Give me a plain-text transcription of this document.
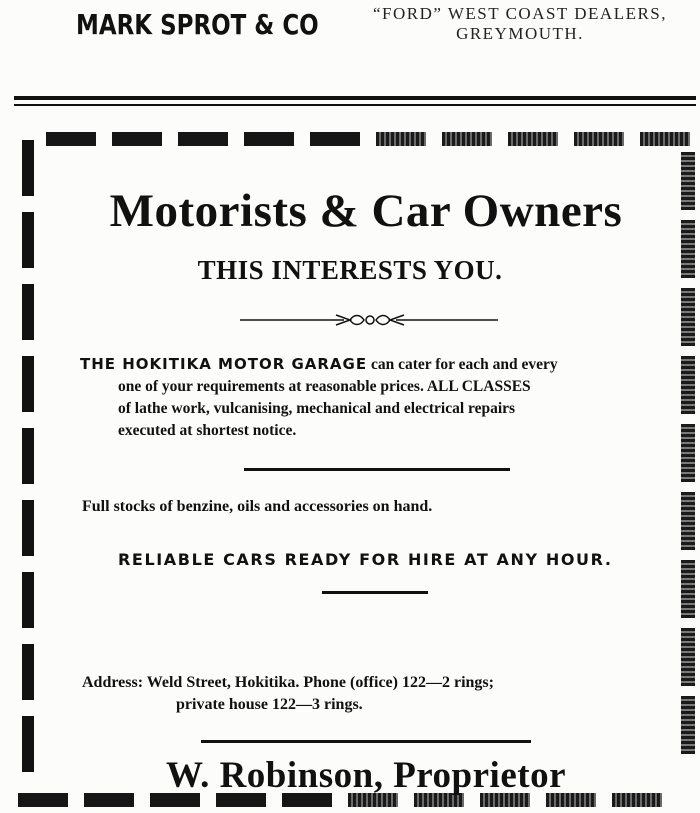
MARK SPROT & CO	“FORD” WEST COAST DEALERS,
GREYMOUTH.
Motorists & Car Owners
THIS INTERESTS YOU.
THE HOKITIKA MOTOR GARAGE can cater for each and every
one of your requirements at reasonable prices. ALL CLASSES
of lathe work, vulcanising, mechanical and electrical repairs
executed at shortest notice.
Full stocks of benzine, oils and accessories on hand.
RELIABLE CARS READY FOR HIRE AT ANY HOUR.
Address: Weld Street, Hokitika. Phone (office) 122—2 rings;
private house 122—3 rings.
W. Robinson, Proprietor
